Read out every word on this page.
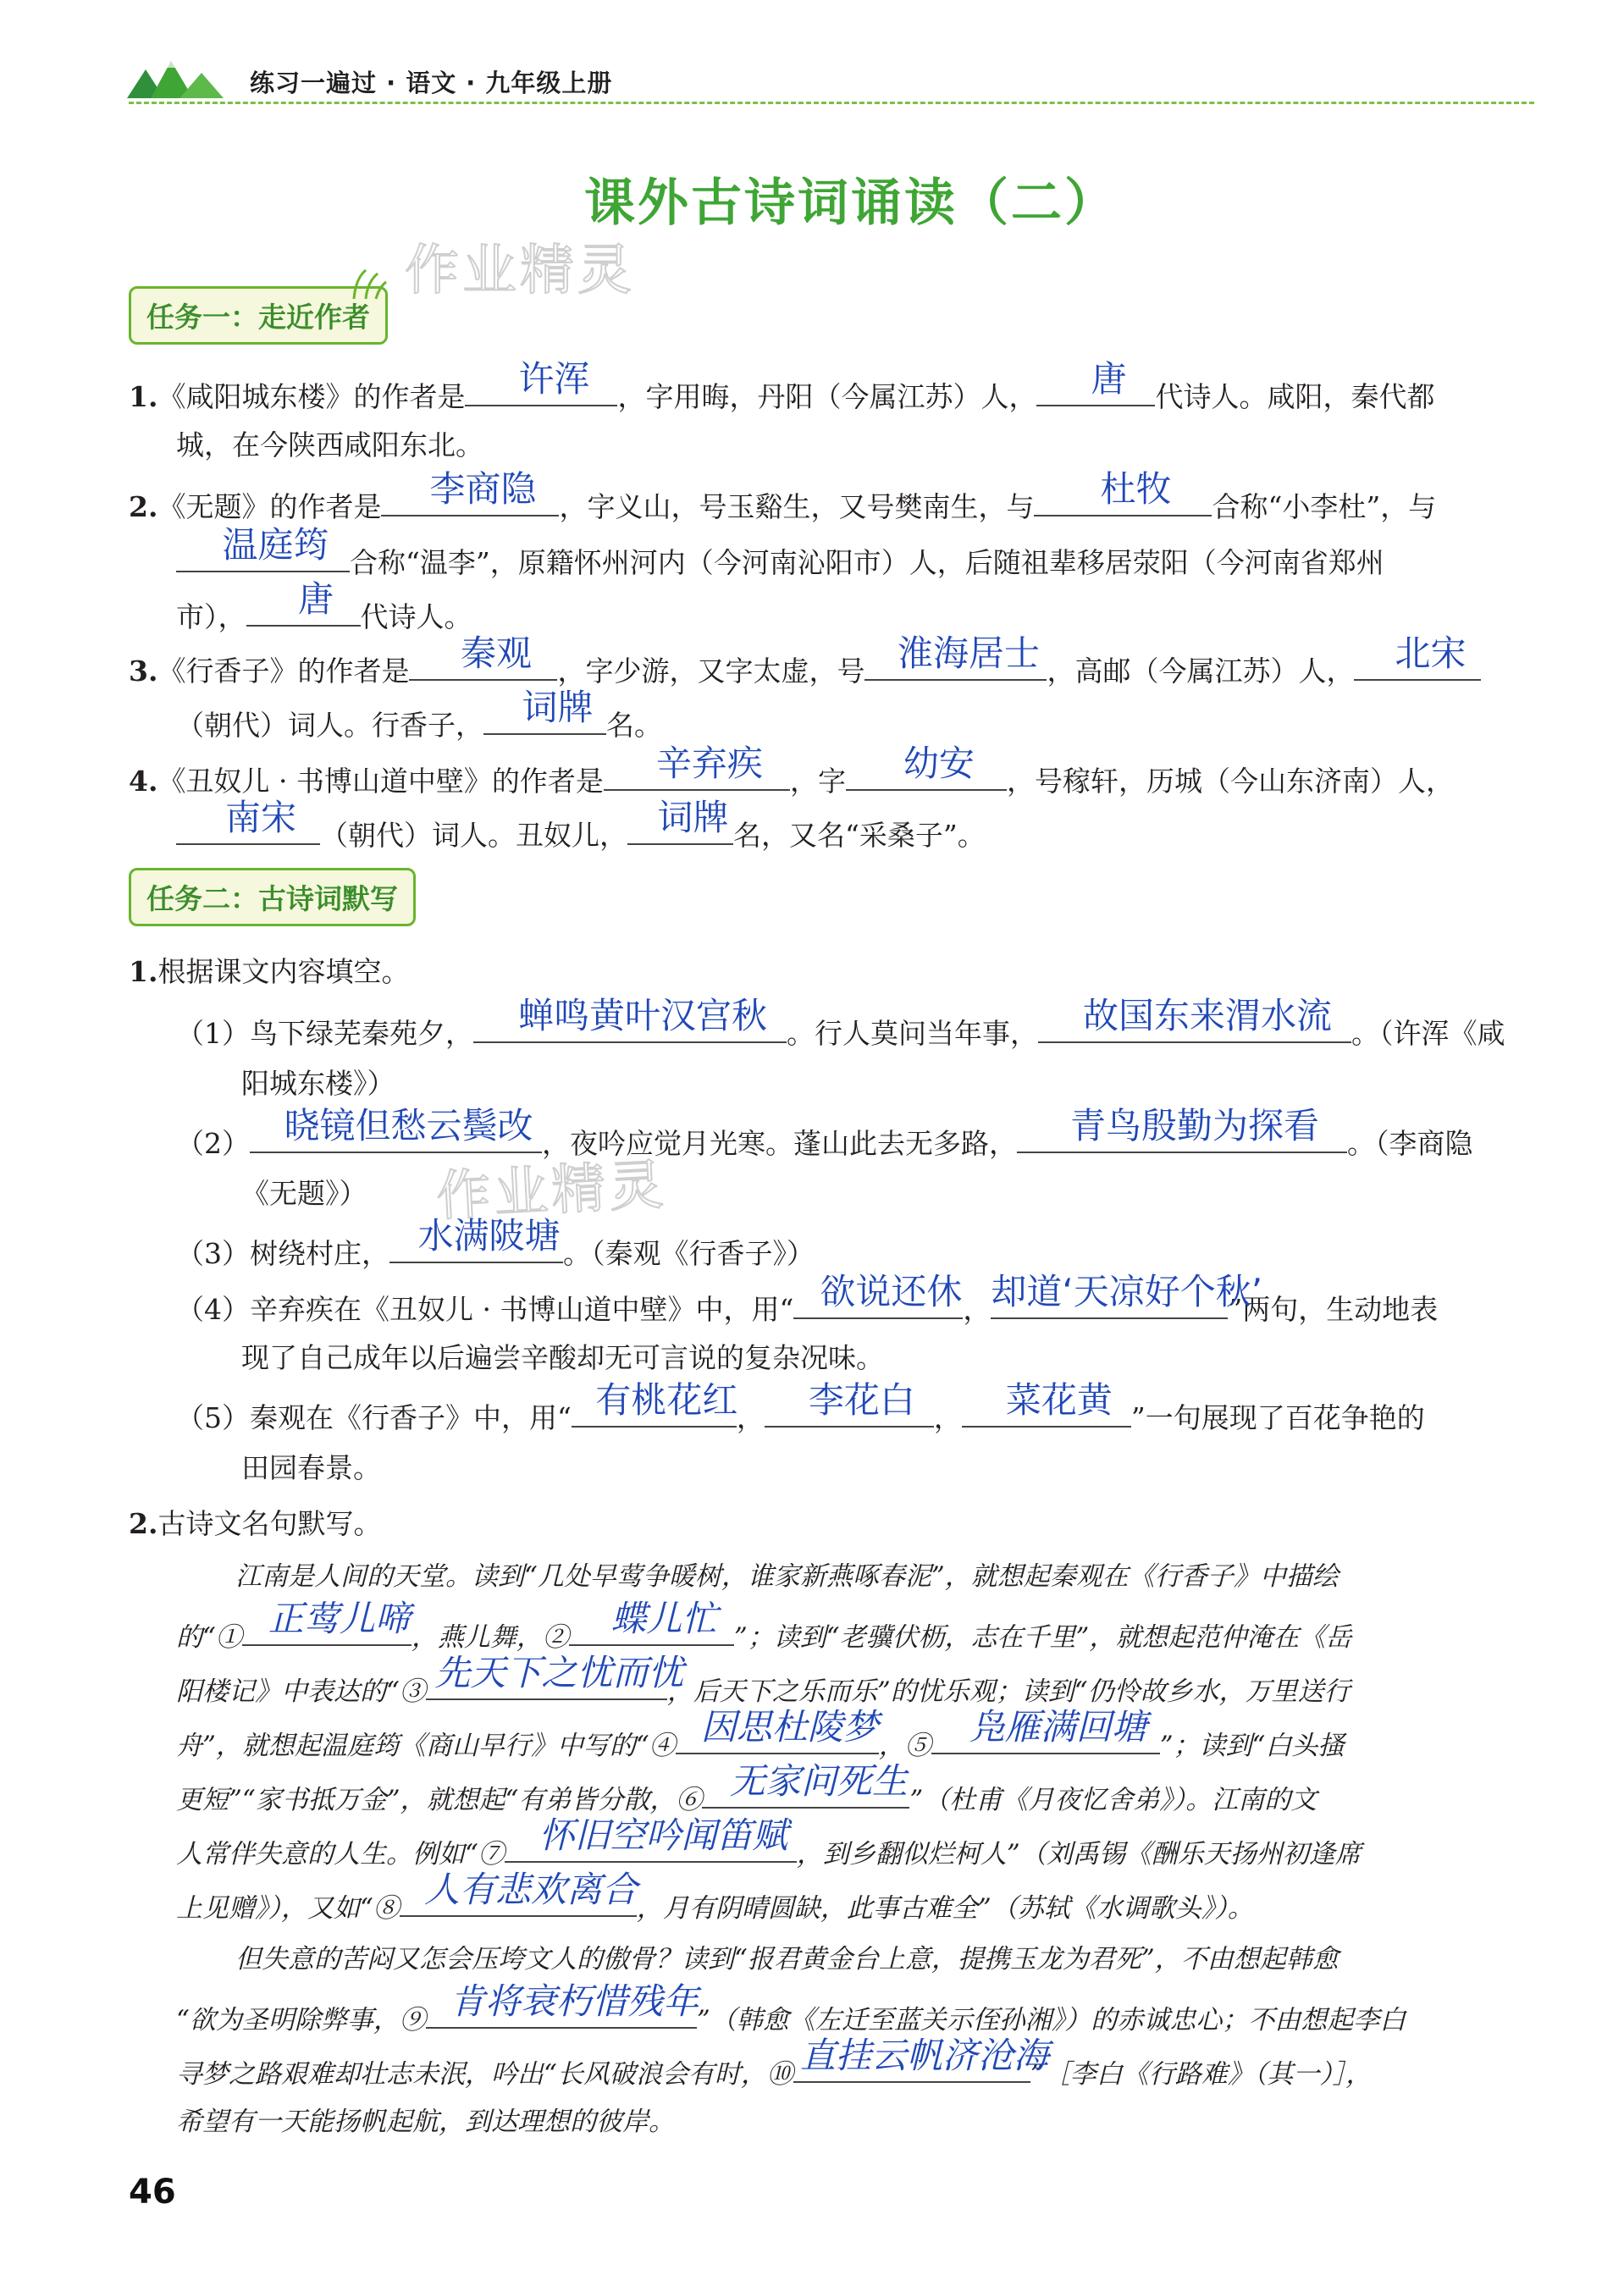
练习一遍过 · 语文 · 九年级上册
课外古诗词诵读（二）
作业精灵
作业精灵
任务一：走近作者
1.《咸阳城东楼》的作者是	许浑	，字用晦，丹阳（今属江苏）人，	唐	代诗人。咸阳，秦代都
城，在今陕西咸阳东北。
2.《无题》的作者是	李商隐 ，字义山，号玉谿生，又号樊南生，与	杜牧	合称“小李杜”，与
温庭筠 合称“温李”，原籍怀州河内（今河南沁阳市）人，后随祖辈移居荥阳（今河南省郑州
市），	唐 代诗人。
3.《行香子》的作者是	秦观 ，字少游，又字太虚，号 淮海居士 ，高邮（今属江苏）人，	北宋
（朝代）词人。行香子，	词牌 名。
4.《丑奴儿 · 书博山道中壁》的作者是	辛弃疾 ，字	幼安	，号稼轩，历城（今山东济南）人，
南宋 （朝代）词人。丑奴儿， 词牌 名，又名“采桑子”。
任务二：古诗词默写
1.根据课文内容填空。
（1）鸟下绿芜秦苑夕，	蝉鸣黄叶汉宫秋 。行人莫问当年事，	故国东来渭水流 。（许浑《咸
阳城东楼》）
（2） 晓镜但愁云鬓改 ，夜吟应觉月光寒。蓬山此去无多路，	青鸟殷勤为探看	。（李商隐
《无题》）
（3）树绕村庄， 水满陂塘 。（秦观《行香子》）
（4）辛弃疾在《丑奴儿 · 书博山道中壁》中，用“ 欲说还休 ， 却道‘天凉好个秋’
”两句，生动地表
现了自己成年以后遍尝辛酸却无可言说的复杂况味。
（5）秦观在《行香子》中，用“ 有桃花红
，	李花白 ，	菜花黄 ”一句展现了百花争艳的
田园春景。
2.古诗文名句默写。
江南是人间的天堂。读到“几处早莺争暖树，谁家新燕啄春泥”，就想起秦观在《行香子》中描绘
的“① 正莺儿啼 ，燕儿舞，②	蝶儿忙 ”；读到“老骥伏枥，志在千里”，就想起范仲淹在《岳
阳楼记》中表达的“③ 先天下之忧而忧
，后天下之乐而乐”的忧乐观；读到“仍怜故乡水，万里送行
舟”，就想起温庭筠《商山早行》中写的“④ 因思杜陵梦 ，⑤	凫雁满回塘 ”；读到“白头搔
更短”“家书抵万金”，就想起“有弟皆分散，⑥ 无家问死生 ”（杜甫《月夜忆舍弟》）。江南的文
人常伴失意的人生。例如“⑦ 怀旧空吟闻笛赋 ，到乡翻似烂柯人”（刘禹锡《酬乐天扬州初逢席
上见赠》），又如“⑧ 人有悲欢离合 ，月有阴晴圆缺，此事古难全”（苏轼《水调歌头》）。
但失意的苦闷又怎会压垮文人的傲骨？读到“报君黄金台上意，提携玉龙为君死”，不由想起韩愈
“欲为圣明除弊事，⑨ 肯将衰朽惜残年
”（韩愈《左迁至蓝关示侄孙湘》）的赤诚忠心；不由想起李白
寻梦之路艰难却壮志未泯，吟出“长风破浪会有时，⑩ 直挂云帆济沧海
”［李白《行路难》（其一）］，
希望有一天能扬帆起航，到达理想的彼岸。
46
